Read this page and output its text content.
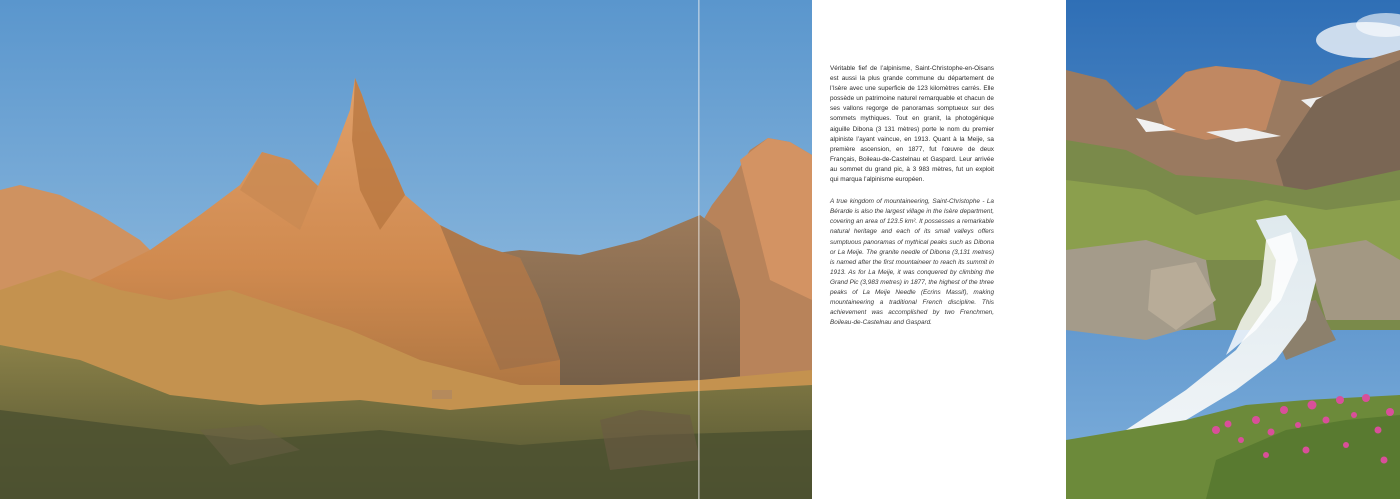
Véritable fief de l’alpinisme, Saint-Christophe-en-Oisans est aussi la plus grande commune du département de l’Isère avec une superficie de 123 kilomètres carrés. Elle possède un patrimoine naturel remarquable et chacun de ses vallons regorge de panoramas somptueux sur des sommets mythiques. Tout en granit, la photogénique aiguille Dibona (3 131 mètres) porte le nom du premier alpiniste l’ayant vaincue, en 1913. Quant à la Meije, sa première ascension, en 1877, fut l’œuvre de deux Français, Boileau-de-Castelnau et Gaspard. Leur arrivée au sommet du grand pic, à 3 983 mètres, fut un exploit qui marqua l’alpinisme européen.

A true kingdom of mountaineering, Saint-Christophe - La Bérarde is also the largest village in the Isère department, covering an area of 123.5 km². It possesses a remarkable natural heritage and each of its small valleys offers sumptuous panoramas of mythical peaks such as Dibona or La Meije. The granite needle of Dibona (3,131 metres) is named after the first mountaineer to reach its summit in 1913. As for La Meije, it was conquered by climbing the Grand Pic (3,983 metres) in 1877, the highest of the three peaks of La Meije Needle (Ecrins Massif), making mountaineering a traditional French discipline. This achievement was accomplished by two Frenchmen, Boileau-de-Castelnau and Gaspard.
